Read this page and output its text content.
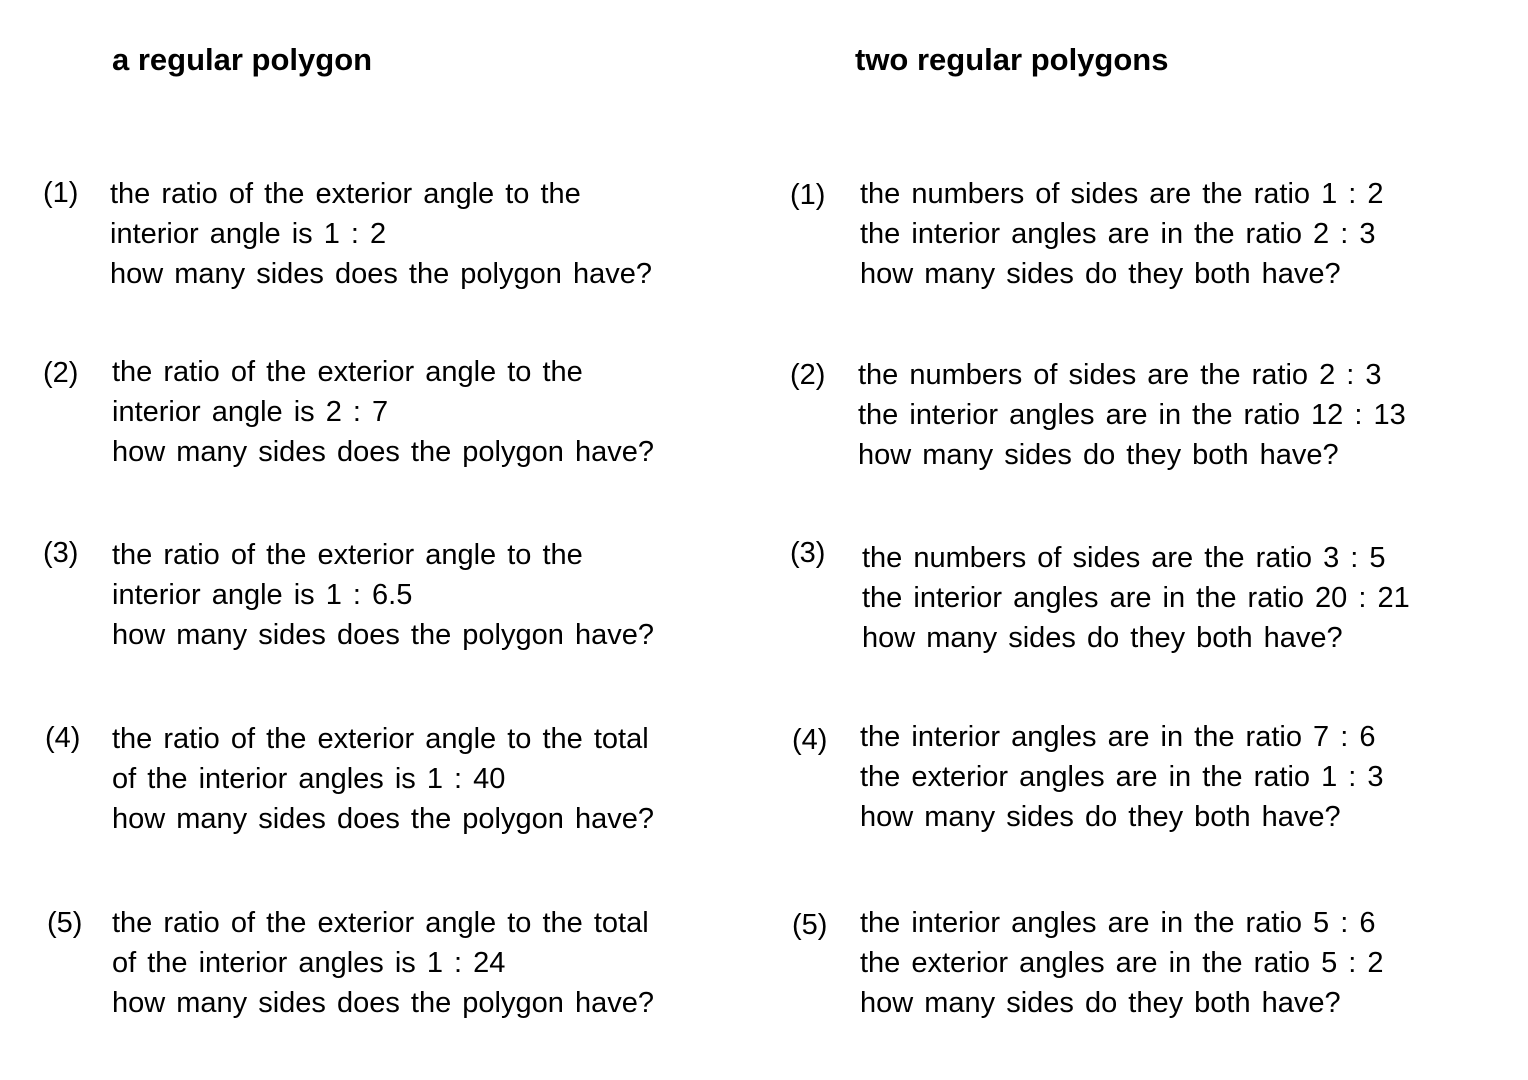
a regular polygon	two regular polygons
(1) the ratio of the exterior angle to the
interior angle is 1 : 2
how many sides does the polygon have?
(2) the ratio of the exterior angle to the
interior angle is 2 : 7
how many sides does the polygon have?
(3) the ratio of the exterior angle to the
interior angle is 1 : 6.5
how many sides does the polygon have?
(4) the ratio of the exterior angle to the total
of the interior angles is 1 : 40
how many sides does the polygon have?
(5) the ratio of the exterior angle to the total
of the interior angles is 1 : 24
how many sides does the polygon have?
(1) the numbers of sides are the ratio 1 : 2
the interior angles are in the ratio 2 : 3
how many sides do they both have?
(2) the numbers of sides are the ratio 2 : 3
the interior angles are in the ratio 12 : 13
how many sides do they both have?
(3) the numbers of sides are the ratio 3 : 5
the interior angles are in the ratio 20 : 21
how many sides do they both have?
(4) the interior angles are in the ratio 7 : 6
the exterior angles are in the ratio 1 : 3
how many sides do they both have?
(5) the interior angles are in the ratio 5 : 6
the exterior angles are in the ratio 5 : 2
how many sides do they both have?
